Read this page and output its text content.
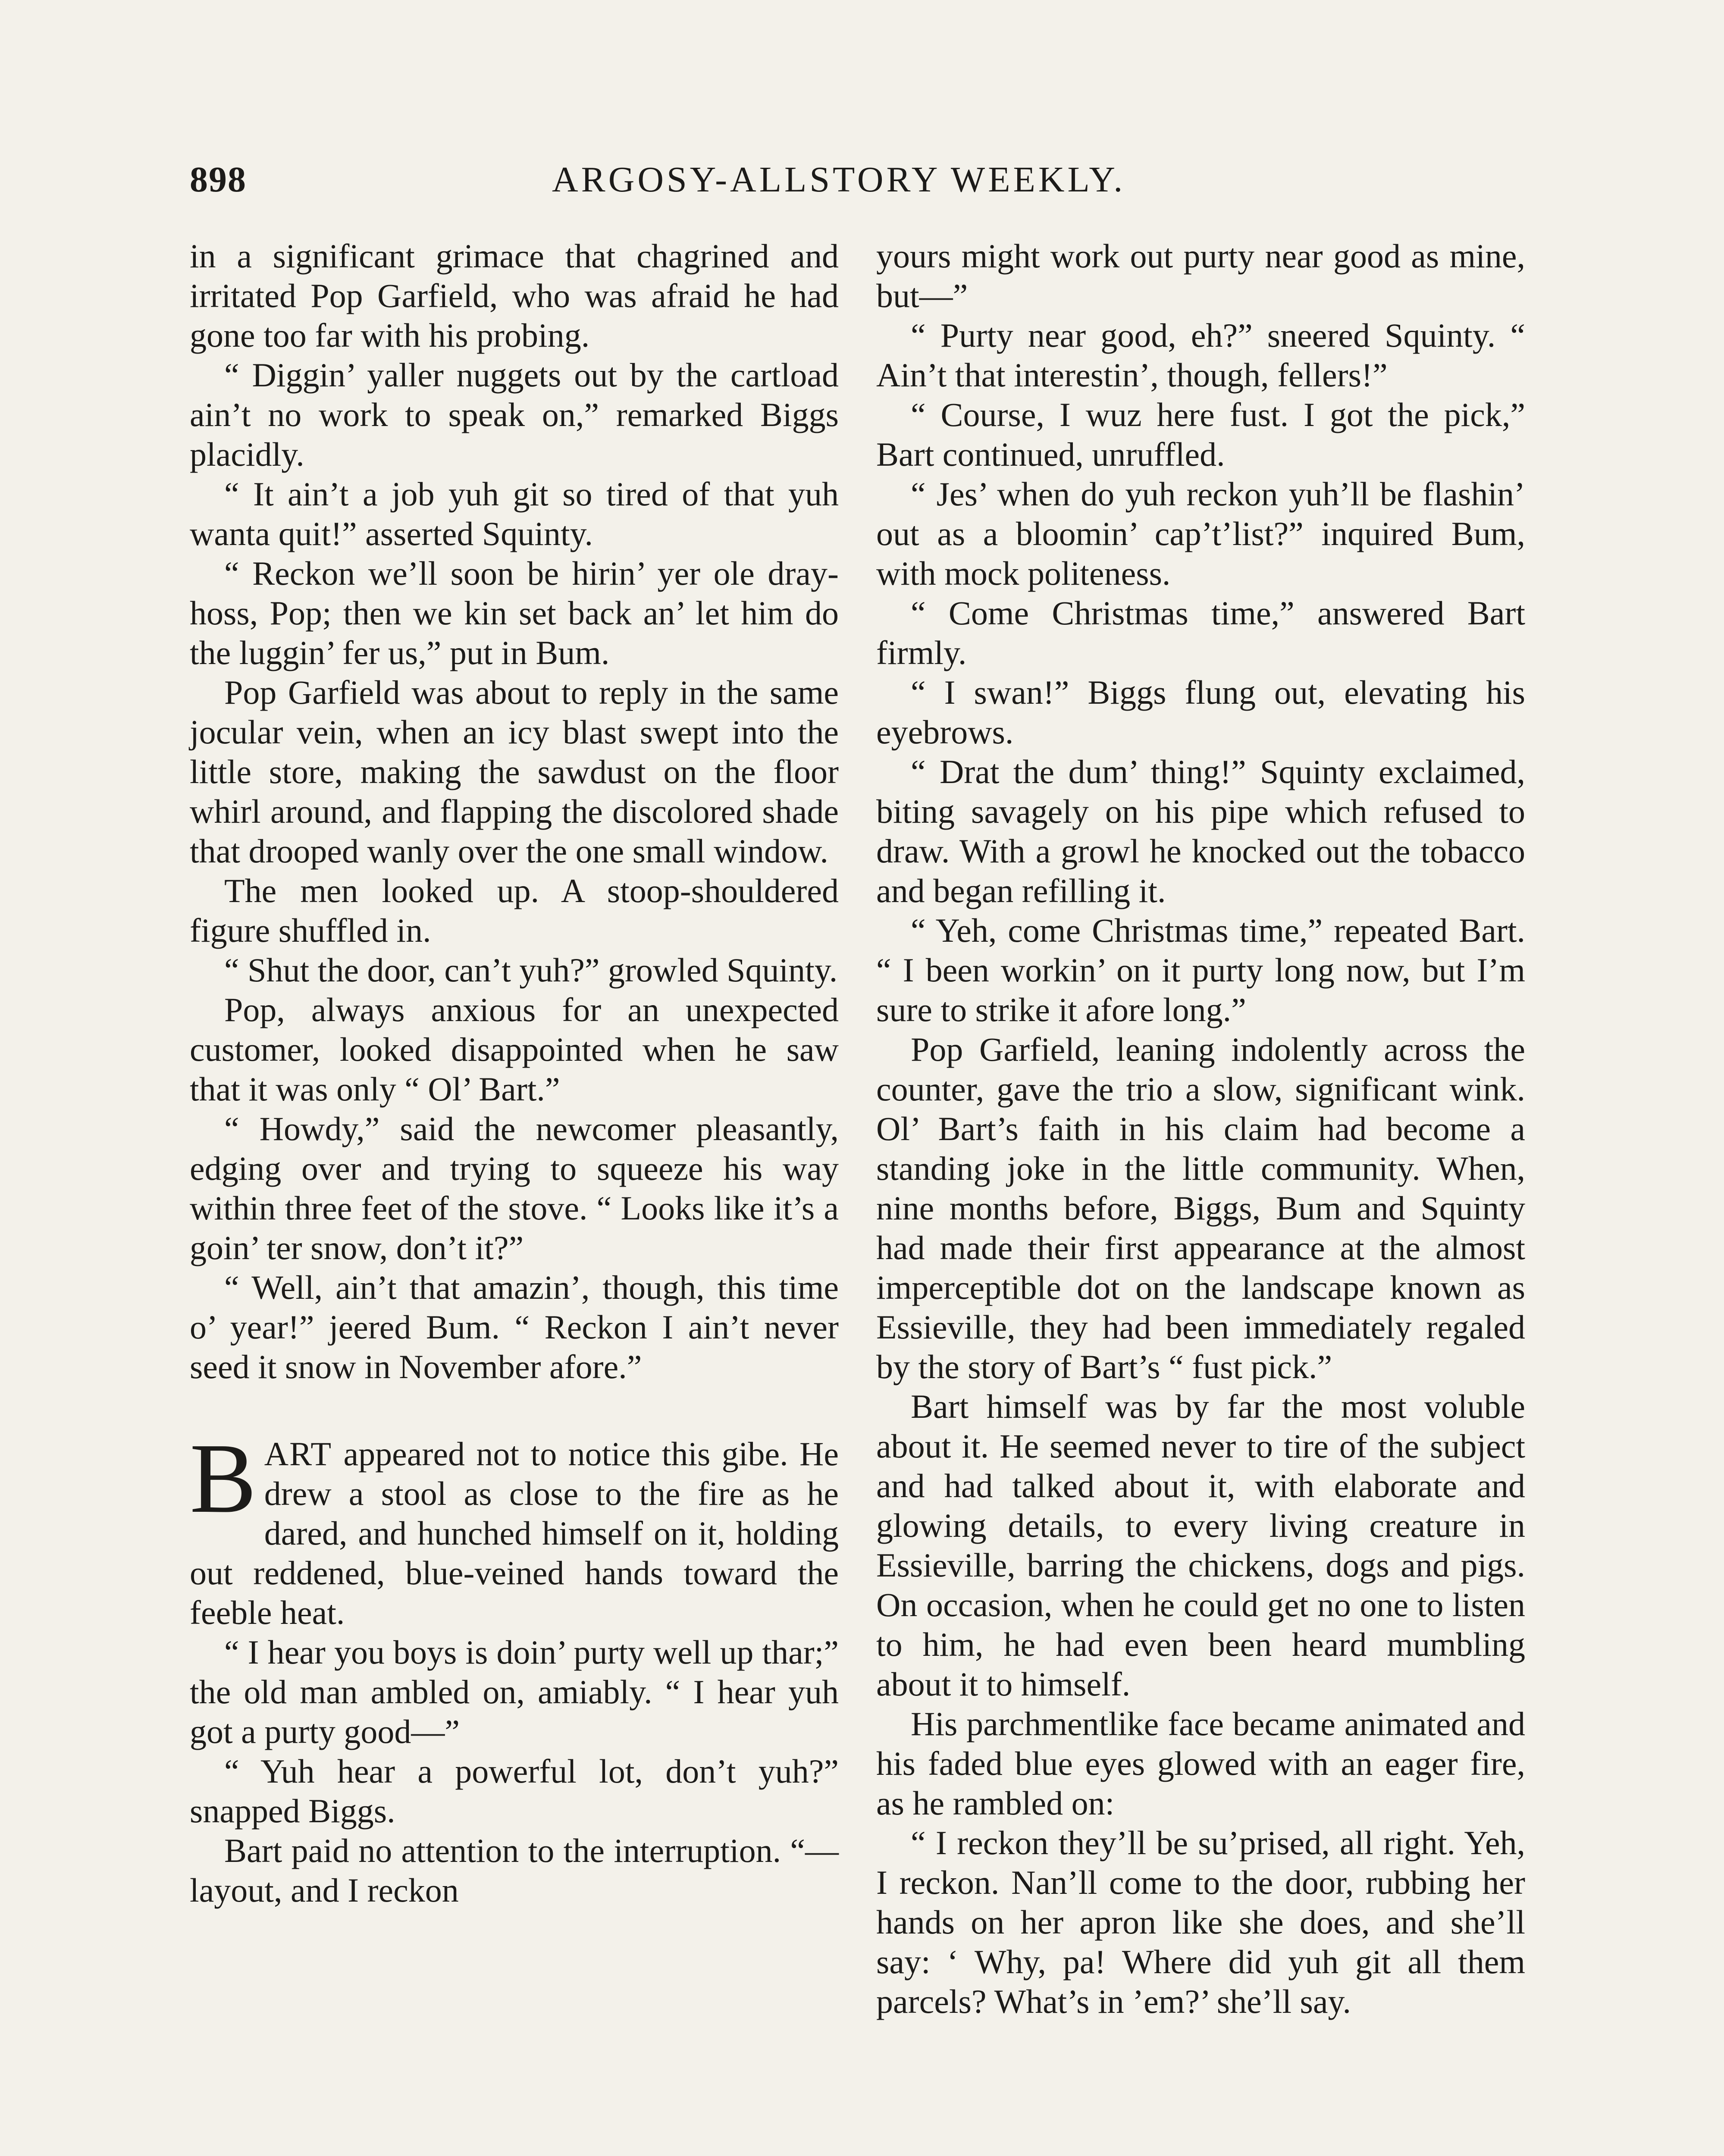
898	ARGOSY-ALLSTORY WEEKLY.

in a significant grimace that chagrined and irritated Pop Garfield, who was afraid he had gone too far with his probing.

“ Diggin’ yaller nuggets out by the cartload ain’t no work to speak on,” remarked Biggs placidly.

“ It ain’t a job yuh git so tired of that yuh wanta quit!” asserted Squinty.

“ Reckon we’ll soon be hirin’ yer ole dray-hoss, Pop; then we kin set back an’ let him do the luggin’ fer us,” put in Bum.

Pop Garfield was about to reply in the same jocular vein, when an icy blast swept into the little store, making the sawdust on the floor whirl around, and flapping the discolored shade that drooped wanly over the one small window.

The men looked up. A stoop-shouldered figure shuffled in.

“ Shut the door, can’t yuh?” growled Squinty.

Pop, always anxious for an unexpected customer, looked disappointed when he saw that it was only “ Ol’ Bart.”

“ Howdy,” said the newcomer pleasantly, edging over and trying to squeeze his way within three feet of the stove. “ Looks like it’s a goin’ ter snow, don’t it?”

“ Well, ain’t that amazin’, though, this time o’ year!” jeered Bum. “ Reckon I ain’t never seed it snow in November afore.”

BART appeared not to notice this gibe. He drew a stool as close to the fire as he dared, and hunched himself on it, holding out reddened, blue-veined hands toward the feeble heat.

“ I hear you boys is doin’ purty well up thar;” the old man ambled on, amiably. “ I hear yuh got a purty good—”

“ Yuh hear a powerful lot, don’t yuh?” snapped Biggs.

Bart paid no attention to the interruption. “—layout, and I reckon

yours might work out purty near good as mine, but—”

“ Purty near good, eh?” sneered Squinty. “ Ain’t that interestin’, though, fellers!”

“ Course, I wuz here fust. I got the pick,” Bart continued, unruffled.

“ Jes’ when do yuh reckon yuh’ll be flashin’ out as a bloomin’ cap’t’list?” inquired Bum, with mock politeness.

“ Come Christmas time,” answered Bart firmly.

“ I swan!” Biggs flung out, elevating his eyebrows.

“ Drat the dum’ thing!” Squinty exclaimed, biting savagely on his pipe which refused to draw. With a growl he knocked out the tobacco and began refilling it.

“ Yeh, come Christmas time,” repeated Bart. “ I been workin’ on it purty long now, but I’m sure to strike it afore long.”

Pop Garfield, leaning indolently across the counter, gave the trio a slow, significant wink. Ol’ Bart’s faith in his claim had become a standing joke in the little community. When, nine months before, Biggs, Bum and Squinty had made their first appearance at the almost imperceptible dot on the landscape known as Essieville, they had been immediately regaled by the story of Bart’s “ fust pick.”

Bart himself was by far the most voluble about it. He seemed never to tire of the subject and had talked about it, with elaborate and glowing details, to every living creature in Essieville, barring the chickens, dogs and pigs. On occasion, when he could get no one to listen to him, he had even been heard mumbling about it to himself.

His parchmentlike face became animated and his faded blue eyes glowed with an eager fire, as he rambled on:

“ I reckon they’ll be su’prised, all right. Yeh, I reckon. Nan’ll come to the door, rubbing her hands on her apron like she does, and she’ll say: ‘ Why, pa! Where did yuh git all them parcels? What’s in ’em?’ she’ll say.
